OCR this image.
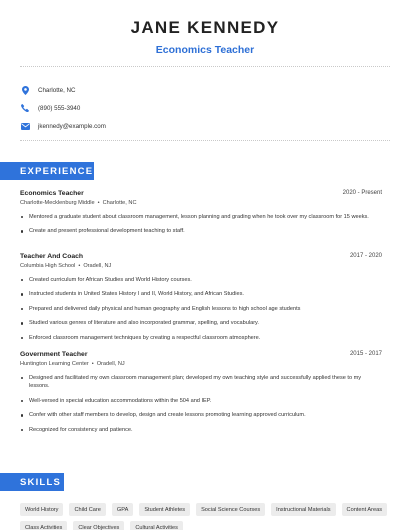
JANE KENNEDY
Economics Teacher
Charlotte, NC
(890) 555-3940
jkennedy@example.com
EXPERIENCE
Economics Teacher	2020 - Present
Charlotte-Mecklenburg Middle • Charlotte, NC
Mentored a graduate student about classroom management, lesson planning and grading when he took over my classroom for 15 weeks.
Create and present professional development teaching to staff.
Teacher And Coach	2017 - 2020
Columbia High School • Oradell, NJ
Created curriculum for African Studies and World History courses.
Instructed students in United States History I and II, World History, and African Studies.
Prepared and delivered daily physical and human geography and English lessons to high school age students
Studied various genres of literature and also incorporated grammar, spelling, and vocabulary.
Enforced classroom management techniques by creating a respectful classroom atmosphere.
Government Teacher	2015 - 2017
Huntington Learning Center • Oradell, NJ
Designed and facilitated my own classroom management plan; developed my own teaching style and successfully applied these to my lessons.
Well-versed in special education accommodations within the 504 and IEP.
Confer with other staff members to develop, design and create lessons promoting learning approved curriculum.
Recognized for consistency and patience.
SKILLS
World History	Child Care	GPA	Student Athletes	Social Science Courses	Instructional Materials	Content Areas
Class Activities	Clear Objectives	Cultural Activities
